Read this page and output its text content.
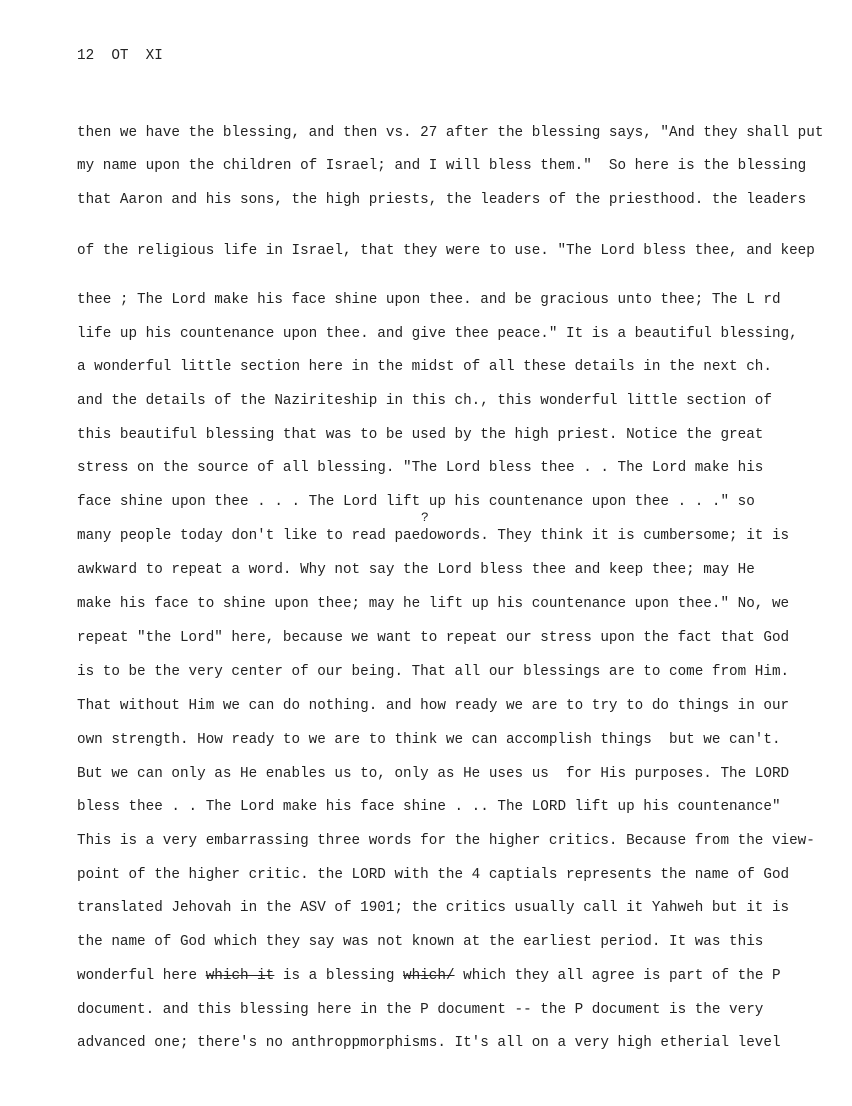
12  OT  XI
?
then we have the blessing, and then vs. 27 after the blessing says, "And they shall put
my name upon the children of Israel; and I will bless them."  So here is the blessing
that Aaron and his sons, the high priests, the leaders of the priesthood. the leaders
of the religious life in Israel, that they were to use. "The Lord bless thee, and keep
thee ; The Lord make his face shine upon thee. and be gracious unto thee; The L rd
life up his countenance upon thee. and give thee peace." It is a beautiful blessing,
a wonderful little section here in the midst of all these details in the next ch.
and the details of the Naziriteship in this ch., this wonderful little section of
this beautiful blessing that was to be used by the high priest. Notice the great
stress on the source of all blessing. "The Lord bless thee . . The Lord make his
face shine upon thee . . . The Lord lift up his countenance upon thee . . ." so
many people today don't like to read paedowords. They think it is cumbersome; it is
awkward to repeat a word. Why not say the Lord bless thee and keep thee; may He
make his face to shine upon thee; may he lift up his countenance upon thee." No, we
repeat "the Lord" here, because we want to repeat our stress upon the fact that God
is to be the very center of our being. That all our blessings are to come from Him.
That without Him we can do nothing. and how ready we are to try to do things in our
own strength. How ready to we are to think we can accomplish things  but we can't.
But we can only as He enables us to, only as He uses us  for His purposes. The LORD
bless thee . . The Lord make his face shine . .. The LORD lift up his countenance"
This is a very embarrassing three words for the higher critics. Because from the view-
point of the higher critic. the LORD with the 4 captials represents the name of God
translated Jehovah in the ASV of 1901; the critics usually call it Yahweh but it is
the name of God which they say was not known at the earliest period. It was this
wonderful here which it is a blessing which/ which they all agree is part of the P
document. and this blessing here in the P document -- the P document is the very
advanced one; there's no anthroppmorphisms. It's all on a very high etherial level
